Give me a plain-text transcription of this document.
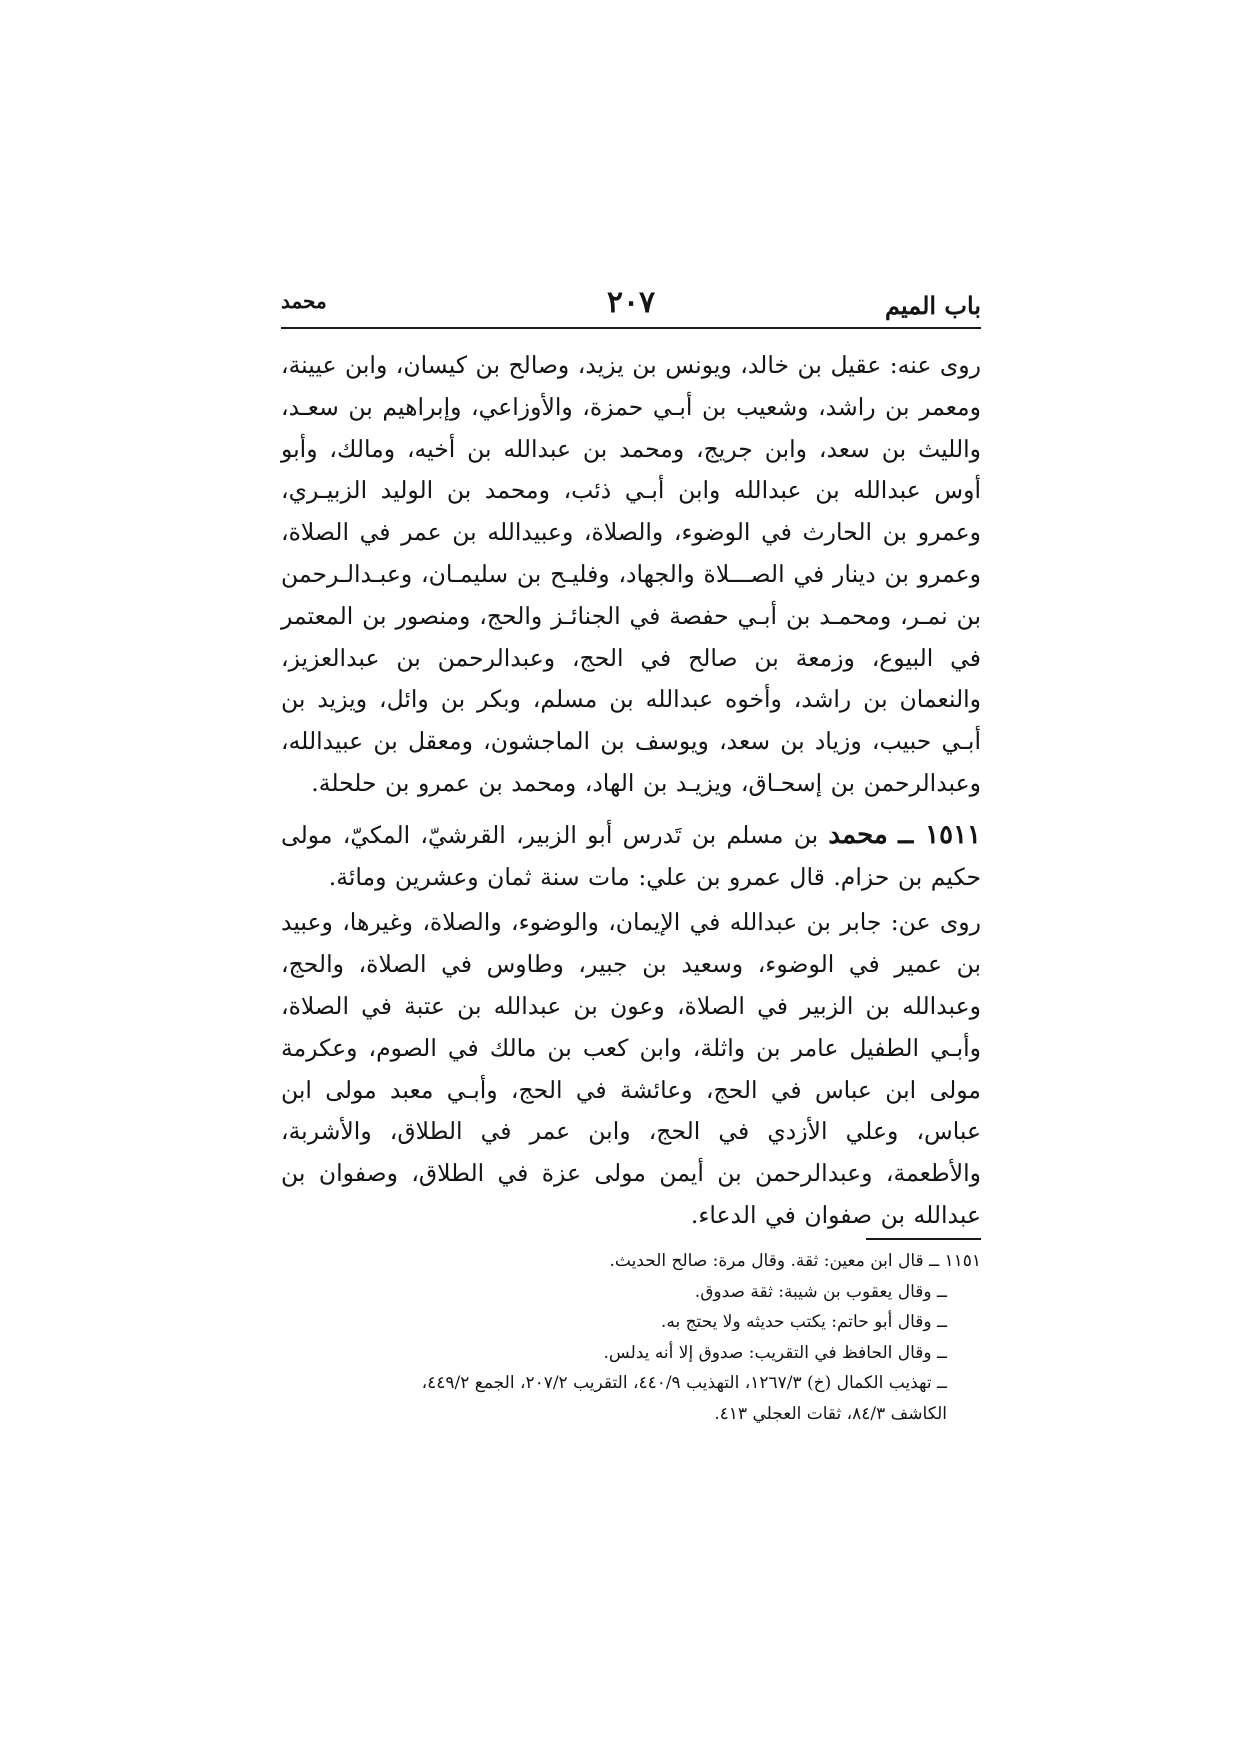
باب الميم
٢٠٧
محمد

روى عنه: عقيل بن خالد، ويونس بن يزيد، وصالح بن كيسان، وابن عيينة، ومعمر بن راشد، وشعيب بن أبـي حمزة، والأوزاعي، وإبراهيم بن سعـد، والليث بن سعد، وابن جريج، ومحمد بن عبدالله بن أخيه، ومالك، وأبو أوس عبدالله بن عبدالله وابن أبـي ذئب، ومحمد بن الوليد الزبيـري، وعمرو بن الحارث في الوضوء، والصلاة، وعبيدالله بن عمر في الصلاة، وعمرو بن دينار في الصـــلاة والجهاد، وفليـح بن سليمـان، وعبـدالـرحمن بن نمـر، ومحمـد بن أبـي حفصة في الجنائـز والحج، ومنصور بن المعتمر في البيوع، وزمعة بن صالح في الحج، وعبدالرحمن بن عبدالعزيز، والنعمان بن راشد، وأخوه عبدالله بن مسلم، وبكر بن وائل، ويزيد بن أبـي حبيب، وزياد بن سعد، ويوسف بن الماجشون، ومعقل بن عبيدالله، وعبدالرحمن بن إسحـاق، ويزيـد بن الهاد، ومحمد بن عمرو بن حلحلة.

١٥١١ ــ محمد بن مسلم بن تَدرس أبو الزبير، القرشيّ، المكيّ، مولى حكيم بن حزام. قال عمرو بن علي: مات سنة ثمان وعشرين ومائة.

روى عن: جابر بن عبدالله في الإيمان، والوضوء، والصلاة، وغيرها، وعبيد بن عمير في الوضوء، وسعيد بن جبير، وطاوس في الصلاة، والحج، وعبدالله بن الزبير في الصلاة، وعون بن عبدالله بن عتبة في الصلاة، وأبـي الطفيل عامر بن واثلة، وابن كعب بن مالك في الصوم، وعكرمة مولى ابن عباس في الحج، وعائشة في الحج، وأبـي معبد مولى ابن عباس، وعلي الأزدي في الحج، وابن عمر في الطلاق، والأشربة، والأطعمة، وعبدالرحمن بن أيمن مولى عزة في الطلاق، وصفوان بن عبدالله بن صفوان في الدعاء.

١١٥١ ــ قال ابن معين: ثقة. وقال مرة: صالح الحديث.

ــ وقال يعقوب بن شيبة: ثقة صدوق.

ــ وقال أبو حاتم: يكتب حديثه ولا يحتج به.

ــ وقال الحافظ في التقريب: صدوق إلا أنه يدلس.

ــ تهذيب الكمال (خ) ١٢٦٧/٣، التهذيب ٤٤٠/٩، التقريب ٢٠٧/٢، الجمع ٤٤٩/٢،

الكاشف ٨٤/٣، ثقات العجلي ٤١٣.
